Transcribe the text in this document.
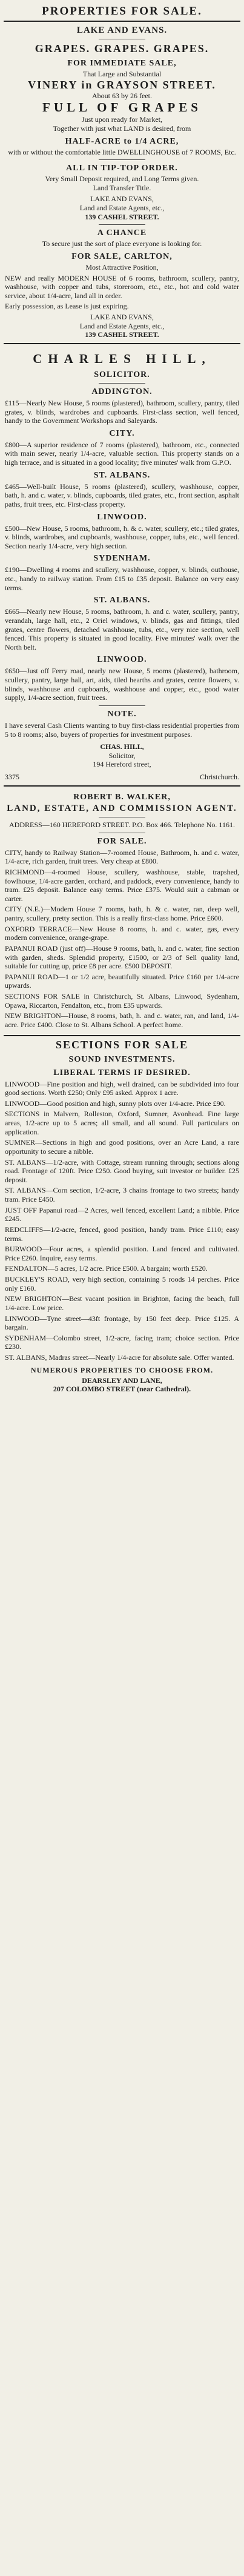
PROPERTIES FOR SALE.
LAKE AND EVANS.
GRAPES. GRAPES. GRAPES.
FOR IMMEDIATE SALE,
That Large and Substantial
VINERY in GRAYSON STREET.
About 63 by 26 feet.
FULL OF GRAPES
Just upon ready for Market,
Together with just what LAND is desired, from
HALF-ACRE to 1/4 ACRE,
with or without the comfortable little DWELLINGHOUSE of 7 ROOMS, Etc.
ALL IN TIP-TOP ORDER.
Very Small Deposit required, and Long Terms given.
Land Transfer Title.
LAKE AND EVANS,
Land and Estate Agents, etc.,
139 CASHEL STREET.
A CHANCE
To secure just the sort of place everyone is looking for.
FOR SALE, CARLTON,
Most Attractive Position,

NEW and really MODERN HOUSE of 6 rooms, bathroom, scullery, pantry, washhouse, with copper and tubs, storeroom, etc., etc., hot and cold water service, about 1/4-acre, land all in order.

Early possession, as Lease is just expiring.

LAKE AND EVANS,
Land and Estate Agents, etc.,
139 CASHEL STREET.
CHARLES HILL,
SOLICITOR.
ADDINGTON.

£115—Nearly New House, 5 rooms (plastered), bathroom, scullery, pantry, tiled grates, v. blinds, wardrobes and cupboards. First-class section, well fenced, handy to the Government Workshops and Saleyards.

CITY.

£800—A superior residence of 7 rooms (plastered), bathroom, etc., connected with main sewer, nearly 1/4-acre, valuable section. This property stands on a high terrace, and is situated in a good locality; five minutes' walk from G.P.O.

ST. ALBANS.

£465—Well-built House, 5 rooms (plastered), scullery, washhouse, copper, bath, h. and c. water, v. blinds, cupboards, tiled grates, etc., front section, asphalt paths, fruit trees, etc. First-class property.

LINWOOD.

£500—New House, 5 rooms, bathroom, h. & c. water, scullery, etc.; tiled grates, v. blinds, wardrobes, and cupboards, washhouse, copper, tubs, etc., well fenced. Section nearly 1/4-acre, very high section.

SYDENHAM.

£190—Dwelling 4 rooms and scullery, washhouse, copper, v. blinds, outhouse, etc., handy to railway station. From £15 to £35 deposit. Balance on very easy terms.

ST. ALBANS.

£665—Nearly new House, 5 rooms, bathroom, h. and c. water, scullery, pantry, verandah, large hall, etc., 2 Oriel windows, v. blinds, gas and fittings, tiled grates, centre flowers, detached washhouse, tubs, etc., very nice section, well fenced. This property is situated in good locality. Five minutes' walk over the North belt.

LINWOOD.

£650—Just off Ferry road, nearly new House, 5 rooms (plastered), bathroom, scullery, pantry, large hall, art, aids, tiled hearths and grates, centre flowers, v. blinds, washhouse and cupboards, washhouse and copper, etc., good water supply, 1/4-acre section, fruit trees.

NOTE.

I have several Cash Clients wanting to buy first-class residential properties from 5 to 8 rooms; also, buyers of properties for investment purposes.

CHAS. HILL,
Solicitor,
194 Hereford street,
3375	Christchurch.
ROBERT B. WALKER,
LAND, ESTATE, AND COMMISSION AGENT.
ADDRESS—160 HEREFORD STREET. P.O. Box 466. Telephone No. 1161.
FOR SALE.

CITY, handy to Railway Station—7-roomed House, Bathroom, h. and c. water, 1/4-acre, rich garden, fruit trees. Very cheap at £800.

RICHMOND—4-roomed House, scullery, washhouse, stable, trapshed, fowlhouse, 1/4-acre garden, orchard, and paddock, every convenience, handy to tram. £25 deposit. Balance easy terms. Price £375. Would suit a cabman or carter.

CITY (N.E.)—Modern House 7 rooms, bath, h. & c. water, ran, deep well, pantry, scullery, pretty section. This is a really first-class home. Price £600.

OXFORD TERRACE—New House 8 rooms, h. and c. water, gas, every modern convenience, orange-grape.

PAPANUI ROAD (just off)—House 9 rooms, bath, h. and c. water, fine section with garden, sheds. Splendid property, £1500, or 2/3 of Sell quality land, suitable for cutting up, price £8 per acre. £500 DEPOSIT.

PAPANUI ROAD—1 or 1/2 acre, beautifully situated. Price £160 per 1/4-acre upwards.

SECTIONS FOR SALE in Christchurch, St. Albans, Linwood, Sydenham, Opawa, Riccarton, Fendalton, etc., from £35 upwards.

NEW BRIGHTON—House, 8 rooms, bath, h. and c. water, ran, and land, 1/4-acre. Price £400. Close to St. Albans School. A perfect home.

SECTIONS FOR SALE
SOUND INVESTMENTS.
LIBERAL TERMS IF DESIRED.

LINWOOD—Fine position and high, well drained, can be subdivided into four good sections. Worth £250; Only £95 asked. Approx 1 acre.

LINWOOD—Good position and high, sunny plots over 1/4-acre. Price £90.

SECTIONS in Malvern, Rolleston, Oxford, Sumner, Avonhead. Fine large areas, 1/2-acre up to 5 acres; all small, and all sound. Full particulars on application.

SUMNER—Sections in high and good positions, over an Acre Land, a rare opportunity to secure a nibble.

ST. ALBANS—1/2-acre, with Cottage, stream running through; sections along road. Frontage of 120ft. Price £250. Good buying, suit investor or builder. £25 deposit.

ST. ALBANS—Corn section, 1/2-acre, 3 chains frontage to two streets; handy tram. Price £450.

JUST OFF Papanui road—2 Acres, well fenced, excellent Land; a nibble. Price £245.

REDCLIFFS—1/2-acre, fenced, good position, handy tram. Price £110; easy terms.

BURWOOD—Four acres, a splendid position. Land fenced and cultivated. Price £260. Inquire, easy terms.

FENDALTON—5 acres, 1/2 acre. Price £500. A bargain; worth £520.

BUCKLEY'S ROAD, very high section, containing 5 roods 14 perches. Price only £160.

NEW BRIGHTON—Best vacant position in Brighton, facing the beach, full 1/4-acre. Low price.

LINWOOD—Tyne street—43ft frontage, by 150 feet deep. Price £125. A bargain.

SYDENHAM—Colombo street, 1/2-acre, facing tram; choice section. Price £230.

ST. ALBANS, Madras street—Nearly 1/4-acre for absolute sale. Offer wanted.

NUMEROUS PROPERTIES TO CHOOSE FROM.
DEARSLEY AND LANE,
207 COLOMBO STREET (near Cathedral).
